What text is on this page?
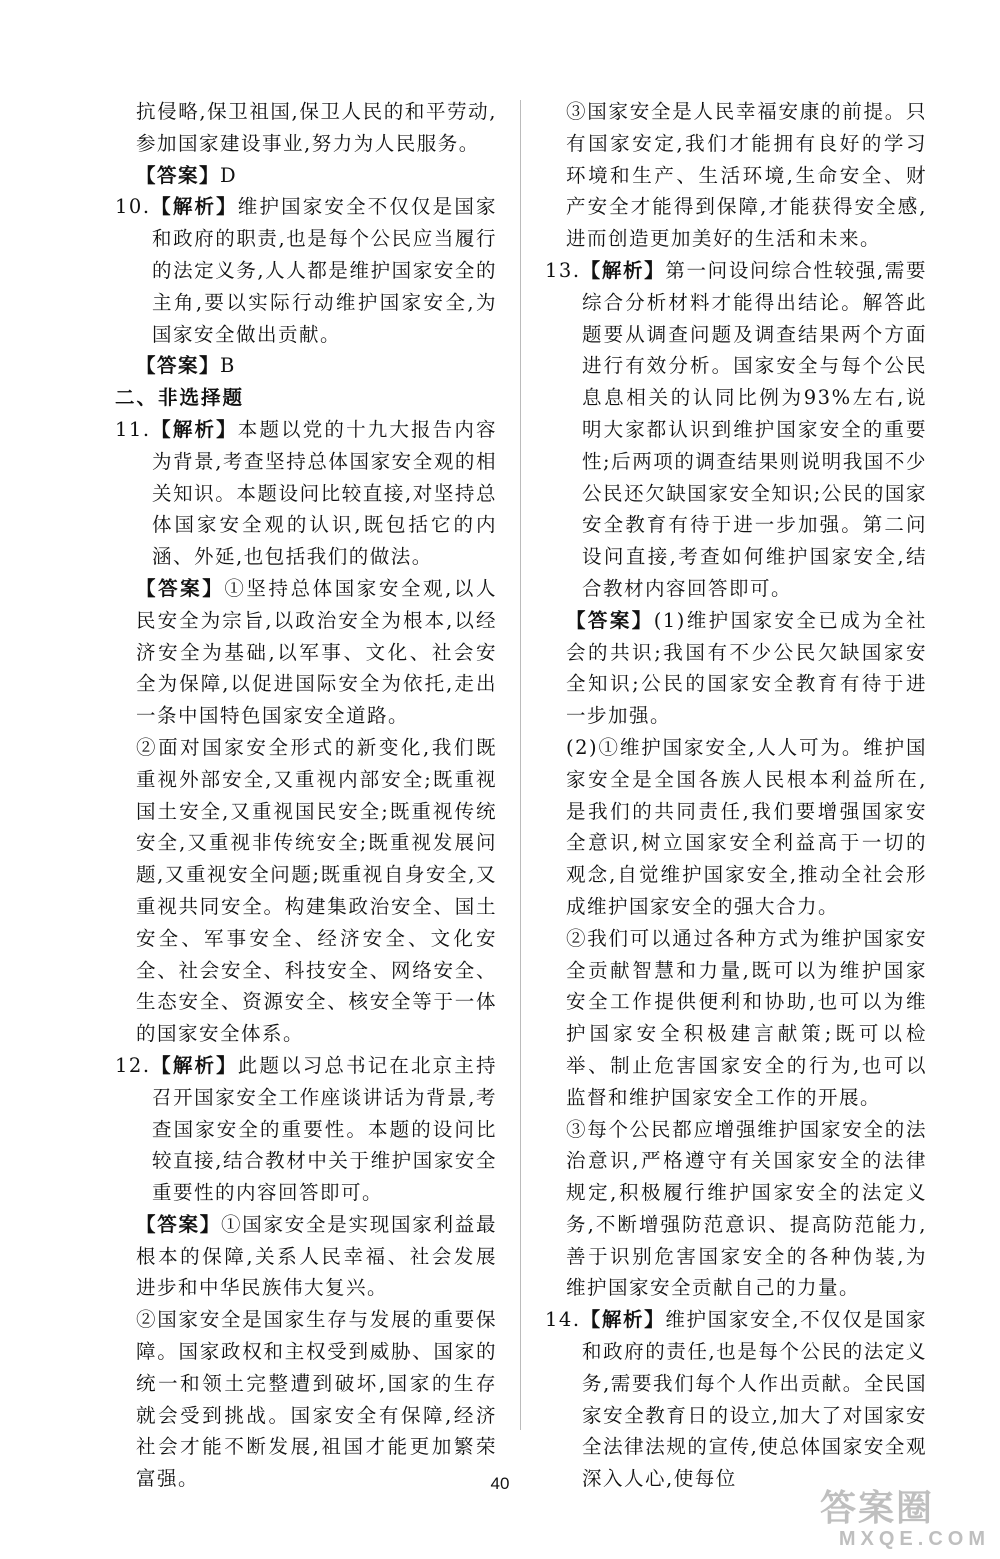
抗侵略,保卫祖国,保卫人民的和平劳动,参加国家建设事业,努力为人民服务。

【答案】D

10.【解析】维护国家安全不仅仅是国家和政府的职责,也是每个公民应当履行的法定义务,人人都是维护国家安全的主角,要以实际行动维护国家安全,为国家安全做出贡献。

【答案】B

二、非选择题

11.【解析】本题以党的十九大报告内容为背景,考查坚持总体国家安全观的相关知识。本题设问比较直接,对坚持总体国家安全观的认识,既包括它的内涵、外延,也包括我们的做法。

【答案】①坚持总体国家安全观,以人民安全为宗旨,以政治安全为根本,以经济安全为基础,以军事、文化、社会安全为保障,以促进国际安全为依托,走出一条中国特色国家安全道路。

②面对国家安全形式的新变化,我们既重视外部安全,又重视内部安全;既重视国土安全,又重视国民安全;既重视传统安全,又重视非传统安全;既重视发展问题,又重视安全问题;既重视自身安全,又重视共同安全。构建集政治安全、国土安全、军事安全、经济安全、文化安全、社会安全、科技安全、网络安全、生态安全、资源安全、核安全等于一体的国家安全体系。

12.【解析】此题以习总书记在北京主持召开国家安全工作座谈讲话为背景,考查国家安全的重要性。本题的设问比较直接,结合教材中关于维护国家安全重要性的内容回答即可。

【答案】①国家安全是实现国家利益最根本的保障,关系人民幸福、社会发展进步和中华民族伟大复兴。

②国家安全是国家生存与发展的重要保障。国家政权和主权受到威胁、国家的统一和领土完整遭到破坏,国家的生存就会受到挑战。国家安全有保障,经济社会才能不断发展,祖国才能更加繁荣富强。

③国家安全是人民幸福安康的前提。只有国家安定,我们才能拥有良好的学习环境和生产、生活环境,生命安全、财产安全才能得到保障,才能获得安全感,进而创造更加美好的生活和未来。

13.【解析】第一问设问综合性较强,需要综合分析材料才能得出结论。解答此题要从调查问题及调查结果两个方面进行有效分析。国家安全与每个公民息息相关的认同比例为93%左右,说明大家都认识到维护国家安全的重要性;后两项的调查结果则说明我国不少公民还欠缺国家安全知识;公民的国家安全教育有待于进一步加强。第二问设问直接,考查如何维护国家安全,结合教材内容回答即可。

【答案】(1)维护国家安全已成为全社会的共识;我国有不少公民欠缺国家安全知识;公民的国家安全教育有待于进一步加强。

(2)①维护国家安全,人人可为。维护国家安全是全国各族人民根本利益所在,是我们的共同责任,我们要增强国家安全意识,树立国家安全利益高于一切的观念,自觉维护国家安全,推动全社会形成维护国家安全的强大合力。

②我们可以通过各种方式为维护国家安全贡献智慧和力量,既可以为维护国家安全工作提供便利和协助,也可以为维护国家安全积极建言献策;既可以检举、制止危害国家安全的行为,也可以监督和维护国家安全工作的开展。

③每个公民都应增强维护国家安全的法治意识,严格遵守有关国家安全的法律规定,积极履行维护国家安全的法定义务,不断增强防范意识、提高防范能力,善于识别危害国家安全的各种伪装,为维护国家安全贡献自己的力量。

14.【解析】维护国家安全,不仅仅是国家和政府的责任,也是每个公民的法定义务,需要我们每个人作出贡献。全民国家安全教育日的设立,加大了对国家安全法律法规的宣传,使总体国家安全观深入人心,使每位

40
答案圈
MXQE.COM
